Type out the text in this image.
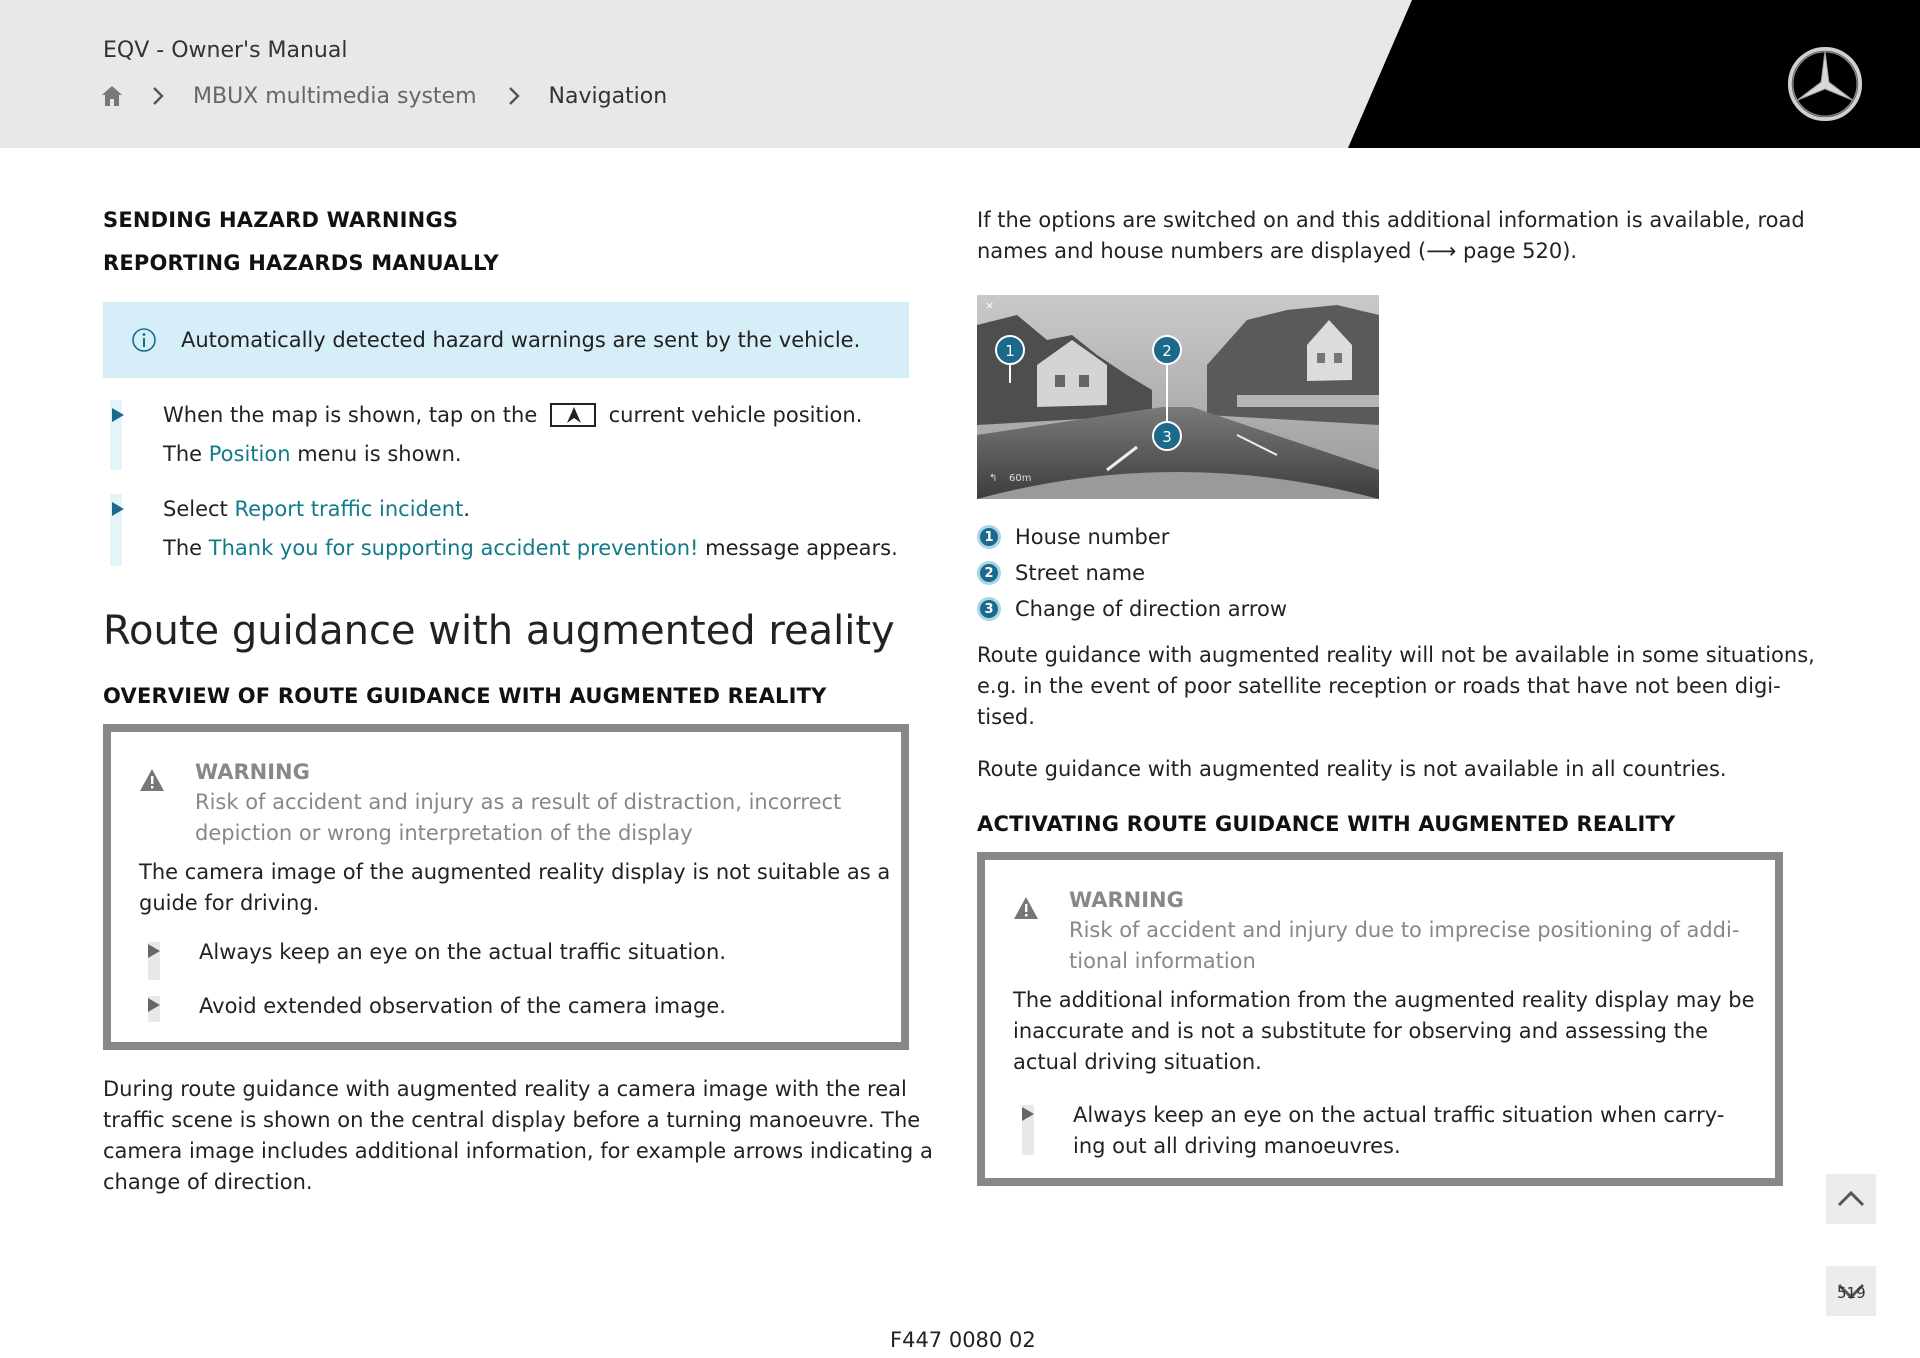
EQV - Owner's Manual
MBUX multimedia system	Navigation
SENDING HAZARD WARNINGS
REPORTING HAZARDS MANUALLY
Automatically detected hazard warnings are sent by the vehicle.
When the map is shown, tap on the	current vehicle position.
The Position menu is shown.
Select Report traffic incident.
The Thank you for supporting accident prevention! message appears.
Route guidance with augmented reality
OVERVIEW OF ROUTE GUIDANCE WITH AUGMENTED REALITY
WARNING
Risk of accident and injury as a result of distraction, incorrect
depiction or wrong interpretation of the display
The camera image of the augmented reality display is not suitable as a
guide for driving.
Always keep an eye on the actual traffic situation.
Avoid extended observation of the camera image.
During route guidance with augmented reality a camera image with the real
traffic scene is shown on the central display before a turning manoeuvre. The
camera image includes additional information, for example arrows indicating a
change of direction.
If the options are switched on and this additional information is available, road
names and house numbers are displayed (⟶ page 520).
1	2
3
×
↰ 60m
1	House number
2	Street name
3	Change of direction arrow
Route guidance with augmented reality will not be available in some situations,
e.g. in the event of poor satellite reception or roads that have not been digi-
tised.
Route guidance with augmented reality is not available in all countries.
ACTIVATING ROUTE GUIDANCE WITH AUGMENTED REALITY
WARNING
Risk of accident and injury due to imprecise positioning of addi-
tional information
The additional information from the augmented reality display may be
inaccurate and is not a substitute for observing and assessing the
actual driving situation.
Always keep an eye on the actual traffic situation when carry-
ing out all driving manoeuvres.
519
F447 0080 02
